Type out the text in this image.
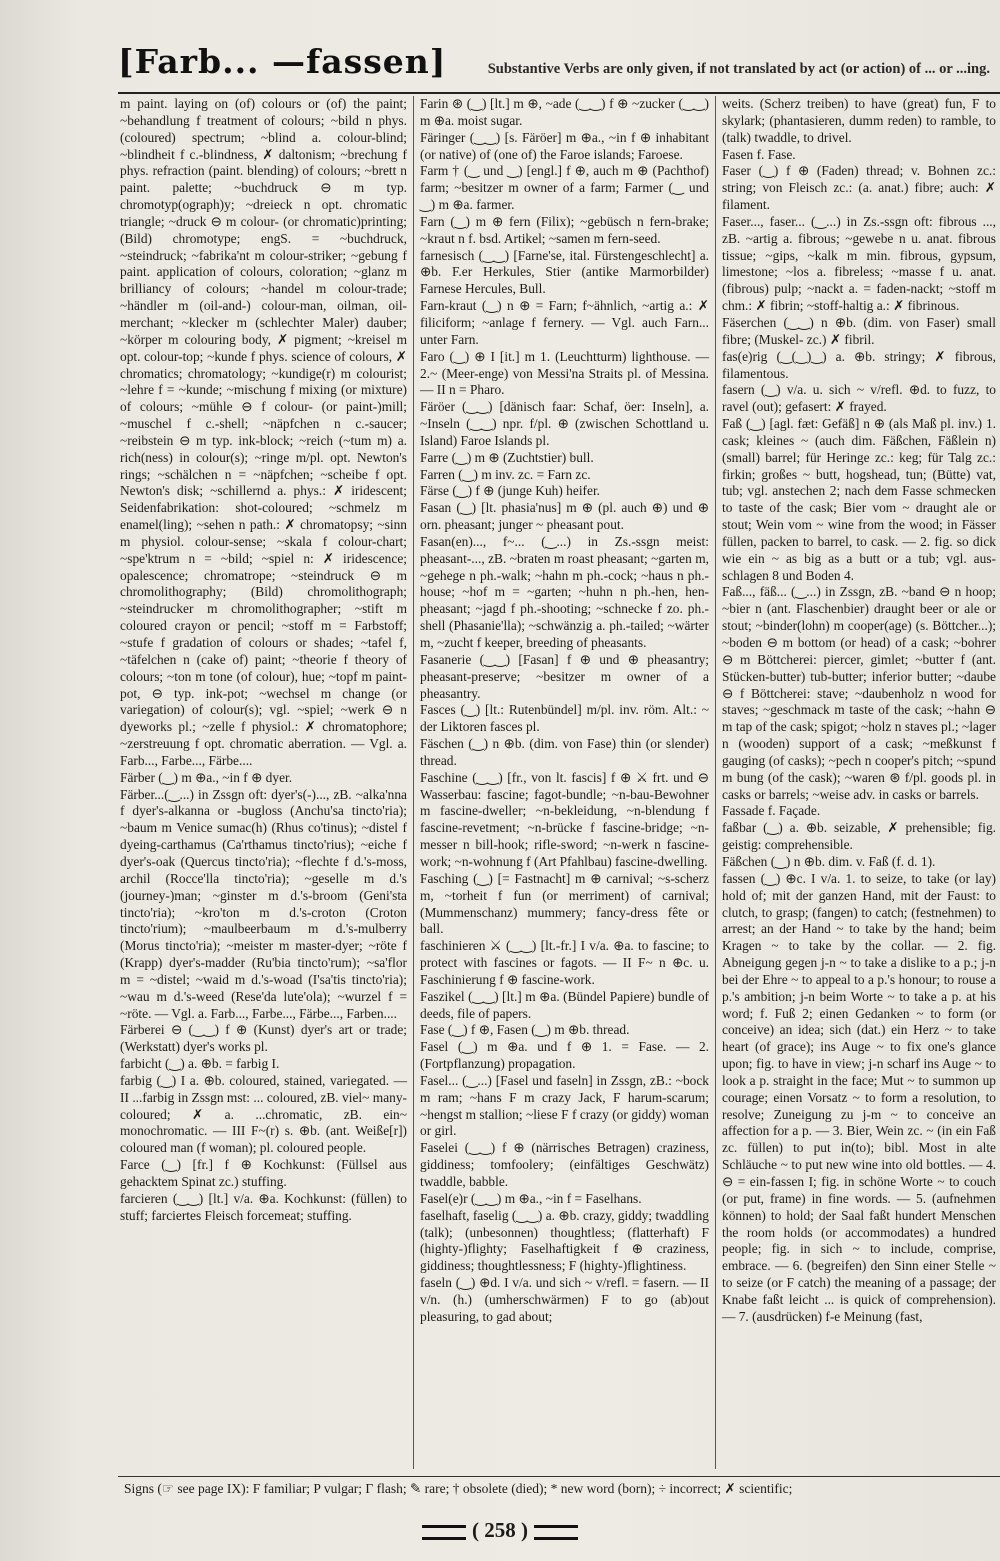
[Farb... —fassen]	Substantive Verbs are only given, if not translated by act (or action) of ... or ...ing.

m paint. laying on (of) colours or (of) the paint; ~behandlung f treatment of colours; ~bild n phys. (coloured) spectrum; ~blind a. colour-blind; ~blindheit f c.-blindness, ✗ daltonism; ~brechung f phys. refraction (paint. blending) of colours; ~brett n paint. palette; ~buchdruck ⊖ m typ. chromotyp(ograph)y; ~dreieck n opt. chromatic triangle; ~druck ⊖ m colour- (or chromatic)printing; (Bild) chromotype; engS. = ~buchdruck, ~steindruck; ~fabrika'nt m colour-striker; ~gebung f paint. application of colours, coloration; ~glanz m brilliancy of colours; ~handel m colour-trade; ~händler m (oil-and-) colour-man, oilman, oil-merchant; ~klecker m (schlechter Maler) dauber; ~körper m colouring body, ✗ pigment; ~kreisel m opt. colour-top; ~kunde f phys. science of colours, ✗ chromatics; chromatology; ~kundige(r) m colourist; ~lehre f = ~kunde; ~mischung f mixing (or mixture) of colours; ~mühle ⊖ f colour- (or paint-)mill; ~muschel f c.-shell; ~näpfchen n c.-saucer; ~reibstein ⊖ m typ. ink-block; ~reich (~tum m) a. rich(ness) in colour(s); ~ringe m/pl. opt. Newton's rings; ~schälchen n = ~näpfchen; ~scheibe f opt. Newton's disk; ~schillernd a. phys.: ✗ iridescent; Seidenfabrikation: shot-coloured; ~schmelz m enamel(ling); ~sehen n path.: ✗ chromatopsy; ~sinn m physiol. colour-sense; ~skala f colour-chart; ~spe'ktrum n = ~bild; ~spiel n: ✗ iridescence; opalescence; chromatrope; ~steindruck ⊖ m chromolithography; (Bild) chromolithograph; ~steindrucker m chromolithographer; ~stift m coloured crayon or pencil; ~stoff m = Farbstoff; ~stufe f gradation of colours or shades; ~tafel f, ~täfelchen n (cake of) paint; ~theorie f theory of colours; ~ton m tone (of colour), hue; ~topf m paint-pot, ⊖ typ. ink-pot; ~wechsel m change (or variegation) of colour(s); vgl. ~spiel; ~werk ⊖ n dyeworks pl.; ~zelle f physiol.: ✗ chromatophore; ~zerstreuung f opt. chromatic aberration. — Vgl. a. Farb..., Farbe..., Färbe....

Färber (‿) m ⊕a., ~in f ⊕ dyer.

Färber...(‿...) in Zssgn oft: dyer's(-)..., zB. ~alka'nna f dyer's-alkanna or -bugloss (Anchu'sa tincto'ria); ~baum m Venice sumac(h) (Rhus co'tinus); ~distel f dyeing-carthamus (Ca'rthamus tincto'rius); ~eiche f dyer's-oak (Quercus tincto'ria); ~flechte f d.'s-moss, archil (Rocce'lla tincto'ria); ~geselle m d.'s (journey-)man; ~ginster m d.'s-broom (Geni'sta tincto'ria); ~kro'ton m d.'s-croton (Croton tincto'rium); ~maulbeerbaum m d.'s-mulberry (Morus tincto'ria); ~meister m master-dyer; ~röte f (Krapp) dyer's-madder (Ru'bia tincto'rum); ~sa'flor m = ~distel; ~waid m d.'s-woad (I'sa'tis tincto'ria); ~wau m d.'s-weed (Rese'da lute'ola); ~wurzel f = ~röte. — Vgl. a. Farb..., Farbe..., Färbe..., Farben....

Färberei ⊖ (‿‿) f ⊕ (Kunst) dyer's art or trade; (Werkstatt) dyer's works pl.

farbicht (‿) a. ⊕b. = farbig I.

farbig (‿) I a. ⊕b. coloured, stained, variegated. — II ...farbig in Zssgn mst: ... coloured, zB. viel~ many-coloured; ✗ a. ...chromatic, zB. ein~ monochromatic. — III F~(r) s. ⊕b. (ant. Weiße[r]) coloured man (f woman); pl. coloured people.

Farce (‿) [fr.] f ⊕ Kochkunst: (Füllsel aus gehacktem Spinat zc.) stuffing.

farcieren (‿‿) [lt.] v/a. ⊕a. Kochkunst: (füllen) to stuff; farciertes Fleisch forcemeat; stuffing.

Farin ⊛ (‿) [lt.] m ⊕, ~ade (‿‿) f ⊕ ~zucker (‿‿) m ⊕a. moist sugar.

Färinger (‿‿) [s. Färöer] m ⊕a., ~in f ⊕ inhabitant (or native) of (one of) the Faroe islands; Faroese.

Farm † (‿ und ‿) [engl.] f ⊕, auch m ⊕ (Pachthof) farm; ~besitzer m owner of a farm; Farmer (‿ und ‿) m ⊕a. farmer.

Farn (‿) m ⊕ fern (Filix); ~gebüsch n fern-brake; ~kraut n f. bsd. Artikel; ~samen m fern-seed.

farnesisch (‿‿) [Farne'se, ital. Fürstengeschlecht] a. ⊕b. F.er Herkules, Stier (antike Marmorbilder) Farnese Hercules, Bull.

Farn-kraut (‿) n ⊕ = Farn; f~ähnlich, ~artig a.: ✗ filiciform; ~anlage f fernery. — Vgl. auch Farn... unter Farn.

Faro (‿) ⊕ I [it.] m 1. (Leuchtturm) lighthouse. — 2.~ (Meer-enge) von Messi'na Straits pl. of Messina. — II n = Pharo.

Färöer (‿‿) [dänisch faar: Schaf, öer: Inseln], a. ~Inseln (‿‿) npr. f/pl. ⊕ (zwischen Schottland u. Island) Faroe Islands pl.

Farre (‿) m ⊕ (Zuchtstier) bull.

Farren (‿) m inv. zc. = Farn zc.

Färse (‿) f ⊕ (junge Kuh) heifer.

Fasan (‿) [lt. phasia'nus] m ⊕ (pl. auch ⊕) und ⊕ orn. pheasant; junger ~ pheasant pout.

Fasan(en)..., f~... (‿...) in Zs.-ssgn meist: pheasant-..., zB. ~braten m roast pheasant; ~garten m, ~gehege n ph.-walk; ~hahn m ph.-cock; ~haus n ph.-house; ~hof m = ~garten; ~huhn n ph.-hen, hen-pheasant; ~jagd f ph.-shooting; ~schnecke f zo. ph.-shell (Phasanie'lla); ~schwänzig a. ph.-tailed; ~wärter m, ~zucht f keeper, breeding of pheasants.

Fasanerie (‿‿) [Fasan] f ⊕ und ⊕ pheasantry; pheasant-preserve; ~besitzer m owner of a pheasantry.

Fasces (‿) [lt.: Rutenbündel] m/pl. inv. röm. Alt.: ~ der Liktoren fasces pl.

Fäschen (‿) n ⊕b. (dim. von Fase) thin (or slender) thread.

Faschine (‿‿) [fr., von lt. fascis] f ⊕ ⚔ frt. und ⊖ Wasserbau: fascine; fagot-bundle; ~n-bau-Bewohner m fascine-dweller; ~n-bekleidung, ~n-blendung f fascine-revetment; ~n-brücke f fascine-bridge; ~n-messer n bill-hook; rifle-sword; ~n-werk n fascine-work; ~n-wohnung f (Art Pfahlbau) fascine-dwelling.

Fasching (‿) [= Fastnacht] m ⊕ carnival; ~s-scherz m, ~torheit f fun (or merriment) of carnival; (Mummenschanz) mummery; fancy-dress fête or ball.

faschinieren ⚔ (‿‿) [lt.-fr.] I v/a. ⊕a. to fascine; to protect with fascines or fagots. — II F~ n ⊕c. u. Faschinierung f ⊕ fascine-work.

Faszikel (‿‿) [lt.] m ⊕a. (Bündel Papiere) bundle of deeds, file of papers.

Fase (‿) f ⊕, Fasen (‿) m ⊕b. thread.

Fasel (‿) m ⊕a. und f ⊕ 1. = Fase. — 2. (Fortpflanzung) propagation.

Fasel... (‿...) [Fasel und faseln] in Zssgn, zB.: ~bock m ram; ~hans F m crazy Jack, F harum-scarum; ~hengst m stallion; ~liese F f crazy (or giddy) woman or girl.

Faselei (‿‿) f ⊕ (närrisches Betragen) craziness, giddiness; tomfoolery; (einfältiges Geschwätz) twaddle, babble.

Fasel(e)r (‿‿) m ⊕a., ~in f = Faselhans.

faselhaft, faselig (‿‿) a. ⊕b. crazy, giddy; twaddling (talk); (unbesonnen) thoughtless; (flatterhaft) F (highty-)flighty; Faselhaftigkeit f ⊕ craziness, giddiness; thoughtlessness; F (highty-)flightiness.

faseln (‿) ⊕d. I v/a. und sich ~ v/refl. = fasern. — II v/n. (h.) (umherschwärmen) F to go (ab)out pleasuring, to gad about;

weits. (Scherz treiben) to have (great) fun, F to skylark; (phantasieren, dumm reden) to ramble, to (talk) twaddle, to drivel.

Fasen f. Fase.

Faser (‿) f ⊕ (Faden) thread; v. Bohnen zc.: string; von Fleisch zc.: (a. anat.) fibre; auch: ✗ filament.

Faser..., faser... (‿...) in Zs.-ssgn oft: fibrous ..., zB. ~artig a. fibrous; ~gewebe n u. anat. fibrous tissue; ~gips, ~kalk m min. fibrous, gypsum, limestone; ~los a. fibreless; ~masse f u. anat. (fibrous) pulp; ~nackt a. = faden-nackt; ~stoff m chm.: ✗ fibrin; ~stoff-haltig a.: ✗ fibrinous.

Fäserchen (‿‿) n ⊕b. (dim. von Faser) small fibre; (Muskel- zc.) ✗ fibril.

fas(e)rig (‿(‿)‿) a. ⊕b. stringy; ✗ fibrous, filamentous.

fasern (‿) v/a. u. sich ~ v/refl. ⊕d. to fuzz, to ravel (out); gefasert: ✗ frayed.

Faß (‿) [agl. fæt: Gefäß] n ⊕ (als Maß pl. inv.) 1. cask; kleines ~ (auch dim. Fäßchen, Fäßlein n) (small) barrel; für Heringe zc.: keg; für Talg zc.: firkin; großes ~ butt, hogshead, tun; (Bütte) vat, tub; vgl. anstechen 2; nach dem Fasse schmecken to taste of the cask; Bier vom ~ draught ale or stout; Wein vom ~ wine from the wood; in Fässer füllen, packen to barrel, to cask. — 2. fig. so dick wie ein ~ as big as a butt or a tub; vgl. aus-schlagen 8 und Boden 4.

Faß..., fäß... (‿...) in Zssgn, zB. ~band ⊖ n hoop; ~bier n (ant. Flaschenbier) draught beer or ale or stout; ~binder(lohn) m cooper(age) (s. Böttcher...); ~boden ⊖ m bottom (or head) of a cask; ~bohrer ⊖ m Böttcherei: piercer, gimlet; ~butter f (ant. Stücken-butter) tub-butter; inferior butter; ~daube ⊖ f Böttcherei: stave; ~daubenholz n wood for staves; ~geschmack m taste of the cask; ~hahn ⊖ m tap of the cask; spigot; ~holz n staves pl.; ~lager n (wooden) support of a cask; ~meßkunst f gauging (of casks); ~pech n cooper's pitch; ~spund m bung (of the cask); ~waren ⊛ f/pl. goods pl. in casks or barrels; ~weise adv. in casks or barrels.

Fassade f. Façade.

faßbar (‿) a. ⊕b. seizable, ✗ prehensible; fig. geistig: comprehensible.

Fäßchen (‿) n ⊕b. dim. v. Faß (f. d. 1).

fassen (‿) ⊕c. I v/a. 1. to seize, to take (or lay) hold of; mit der ganzen Hand, mit der Faust: to clutch, to grasp; (fangen) to catch; (festnehmen) to arrest; an der Hand ~ to take by the hand; beim Kragen ~ to take by the collar. — 2. fig. Abneigung gegen j-n ~ to take a dislike to a p.; j-n bei der Ehre ~ to appeal to a p.'s honour; to rouse a p.'s ambition; j-n beim Worte ~ to take a p. at his word; f. Fuß 2; einen Gedanken ~ to form (or conceive) an idea; sich (dat.) ein Herz ~ to take heart (of grace); ins Auge ~ to fix one's glance upon; fig. to have in view; j-n scharf ins Auge ~ to look a p. straight in the face; Mut ~ to summon up courage; einen Vorsatz ~ to form a resolution, to resolve; Zuneigung zu j-m ~ to conceive an affection for a p. — 3. Bier, Wein zc. ~ (in ein Faß zc. füllen) to put in(to); bibl. Most in alte Schläuche ~ to put new wine into old bottles. — 4. ⊖ = ein-fassen I; fig. in schöne Worte ~ to couch (or put, frame) in fine words. — 5. (aufnehmen können) to hold; der Saal faßt hundert Menschen the room holds (or accommodates) a hundred people; fig. in sich ~ to include, comprise, embrace. — 6. (begreifen) den Sinn einer Stelle ~ to seize (or F catch) the meaning of a passage; der Knabe faßt leicht ... is quick of comprehension). — 7. (ausdrücken) f-e Meinung (fast,

Signs (☞ see page IX): F familiar; P vulgar; Γ flash; ✎ rare; † obsolete (died); * new word (born); ÷ incorrect; ✗ scientific;
( 258 )
